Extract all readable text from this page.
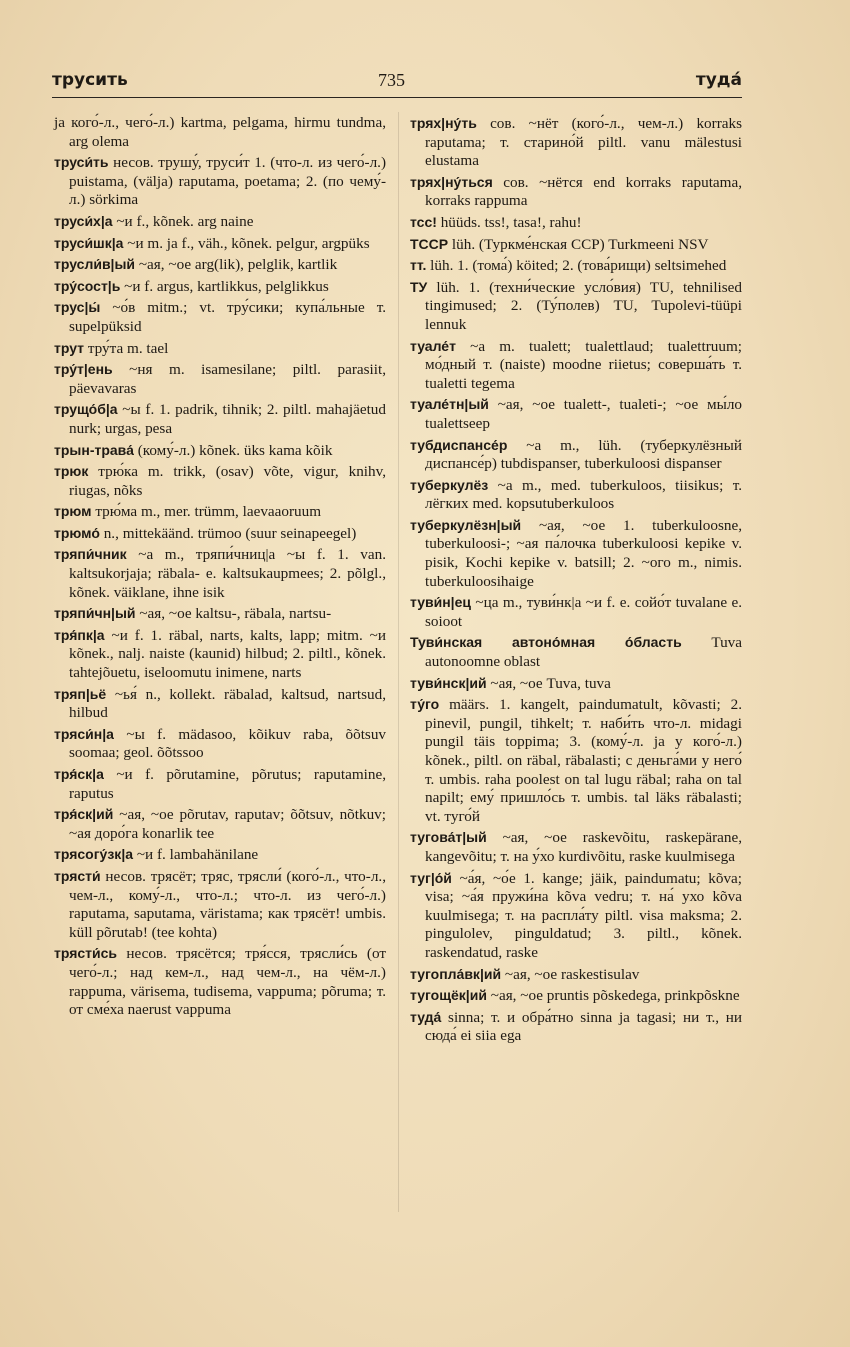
трусить	735	туда́
ja кого́-л., чего́-л.) kartma, pelgama, hirmu tundma, arg olema
труси́ть несов. трушу́, труси́т 1. (что-л. из чего́-л.) puistama, (välja) raputama, poetama; 2. (по чему́-л.) sörkima
труси́х|а ~и f., kõnek. arg naine
труси́шк|а ~и m. ja f., väh., kõnek. pelgur, argpüks
трусли́в|ый ~ая, ~ое arg(lik), pelglik, kartlik
тру́сост|ь ~и f. argus, kartlikkus, pelglikkus
трус|ы́ ~о́в mitm.; vt. тру́сики; купа́льные т. supelpüksid
трут тру́та m. tael
тру́т|ень ~ня m. isamesilane; piltl. parasiit, päevavaras
трущо́б|а ~ы f. 1. padrik, tihnik; 2. piltl. mahajäetud nurk; urgas, pesa
трын-трава́ (кому́-л.) kõnek. üks kama kõik
трюк трю́ка m. trikk, (osav) võte, vigur, knihv, riugas, nõks
трюм трю́ма m., mer. trümm, laevaaoruum
трюмо́ n., mittekäänd. trümoo (suur seinapeegel)
тряпи́чник ~а m., тряпи́чниц|а ~ы f. 1. van. kaltsukorjaja; räbala- e. kaltsukaupmees; 2. põlgl., kõnek. väiklane, ihne isik
тряпи́чн|ый ~ая, ~ое kaltsu-, räbala, nartsu-
тря́пк|а ~и f. 1. räbal, narts, kalts, lapp; mitm. ~и kõnek., nalj. naiste (kaunid) hilbud; 2. piltl., kõnek. tahtejõuetu, iseloomutu inimene, narts
тряп|ьё ~ья́ n., kollekt. räbalad, kaltsud, nartsud, hilbud
тряси́н|а ~ы f. mädasoo, kõikuv raba, õõtsuv soomaa; geol. õõtssoo
тря́ск|а ~и f. põrutamine, põrutus; raputamine, raputus
тря́ск|ий ~ая, ~ое põrutav, raputav; õõtsuv, nõtkuv; ~ая доро́га konarlik tee
трясогу́зк|а ~и f. lambahänilane
трясти́ несов. трясёт; тряс, трясли́ (кого́-л., что-л., чем-л., кому́-л., что-л.; что-л. из чего́-л.) raputama, saputama, väristama; как трясёт! umbis. küll põrutab! (tee kohta)
трясти́сь несов. трясётся; тря́сся, трясли́сь (от чего́-л.; над кем-л., над чем-л., на чём-л.) rappuma, värisema, tudisema, vappuma; põruma; т. от сме́ха naerust vappuma
трях|ну́ть сов. ~нёт (кого́-л., чем-л.) korraks raputama; т. старино́й piltl. vanu mälestusi elustama
трях|ну́ться сов. ~нётся end korraks raputama, korraks rappuma
тсс! hüüds. tss!, tasa!, rahu!
ТССР lüh. (Туркме́нская ССР) Turkmeeni NSV
тт. lüh. 1. (тома́) köited; 2. (това́рищи) seltsimehed
ТУ lüh. 1. (техни́ческие усло́вия) TU, tehnilised tingimused; 2. (Ту́полев) TU, Tupolevi-tüüpi lennuk
туале́т ~а m. tualett; tualettlaud; tualettruum; мо́дный т. (naiste) moodne riietus; соверша́ть т. tualetti tegema
туале́тн|ый ~ая, ~ое tualett-, tualeti-; ~ое мы́ло tualettseep
тубдиспансе́р ~а m., lüh. (туберкулёзный диспансе́р) tubdispanser, tuberkuloosi dispanser
туберкулёз ~а m., med. tuberkuloos, tiisikus; т. лёгких med. kopsutuberkuloos
туберкулёзн|ый ~ая, ~ое 1. tuberkuloosne, tuberkuloosi-; ~ая па́лочка tuberkuloosi kepike v. pisik, Kochi kepike v. batsill; 2. ~ого m., nimis. tuberkuloosihaige
туви́н|ец ~ца m., туви́нк|а ~и f. e. сойо́т tuvalane e. soioot
Туви́нская автоно́мная о́бласть Tuva autonoomne oblast
туви́нск|ий ~ая, ~ое Tuva, tuva
ту́го määrs. 1. kangelt, paindumatult, kõvasti; 2. pinevil, pungil, tihkelt; т. наби́ть что-л. midagi pungil täis toppima; 3. (кому́-л. ja у кого́-л.) kõnek., piltl. on räbal, räbalasti; с деньга́ми у него́ т. umbis. raha poolest on tal lugu räbal; raha on tal napilt; ему́ пришло́сь т. umbis. tal läks räbalasti; vt. туго́й
тугова́т|ый ~ая, ~ое raskevõitu, raskepärane, kangevõitu; т. на у́хо kurdivõitu, raske kuulmisega
туг|о́й ~а́я, ~о́е 1. kange; jäik, paindumatu; kõva; visa; ~а́я пружи́на kõva vedru; т. на́ ухо kõva kuulmisega; т. на распла́ту piltl. visa maksma; 2. pingulolev, pinguldatud; 3. piltl., kõnek. raskendatud, raske
тугопла́вк|ий ~ая, ~ое raskestisulav
тугощёк|ий ~ая, ~ое pruntis põskedega, prinkpõskne
туда́ sinna; т. и обра́тно sinna ja tagasi; ни т., ни сюда́ ei siia ega
